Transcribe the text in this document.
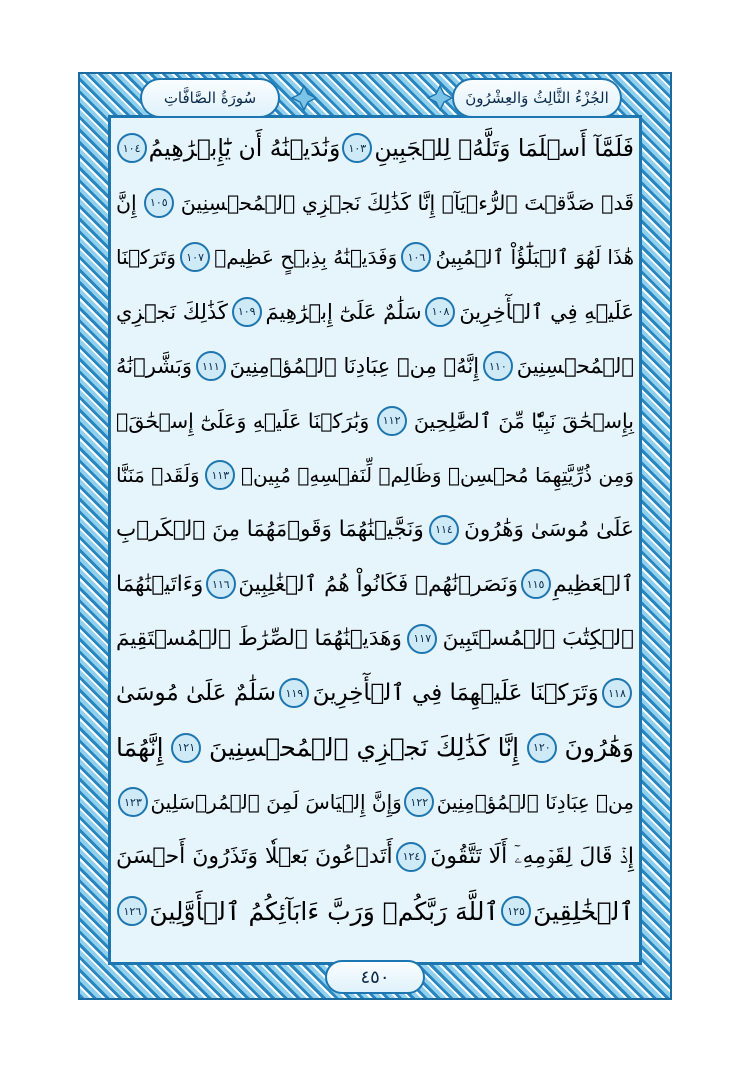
الجُزْءُ الثَّالِثُ وَالعِشْرُونَ
سُورَةُ الصَّافَّاتِ
فَلَمَّآ أَسۡلَمَا وَتَلَّهُۥ لِلۡجَبِينِ
١٠٣
وَنَٰدَيۡنَٰهُ أَن يَٰٓإِبۡرَٰهِيمُ
١٠٤
قَدۡ صَدَّقۡتَ ٱلرُّءۡيَآۚ إِنَّا كَذَٰلِكَ نَجۡزِي ٱلۡمُحۡسِنِينَ
١٠٥
إِنَّ
هَٰذَا لَهُوَ ٱلۡبَلَٰٓؤُاْ ٱلۡمُبِينُ
١٠٦
وَفَدَيۡنَٰهُ بِذِبۡحٍ عَظِيمٖ
١٠٧
وَتَرَكۡنَا
عَلَيۡهِ فِي ٱلۡأٓخِرِينَ
١٠٨
سَلَٰمٌ عَلَىٰٓ إِبۡرَٰهِيمَ
١٠٩
كَذَٰلِكَ نَجۡزِي
ٱلۡمُحۡسِنِينَ
١١٠
إِنَّهُۥ مِنۡ عِبَادِنَا ٱلۡمُؤۡمِنِينَ
١١١
وَبَشَّرۡنَٰهُ
بِإِسۡحَٰقَ نَبِيّٗا مِّنَ ٱلصَّٰلِحِينَ
١١٢
وَبَٰرَكۡنَا عَلَيۡهِ وَعَلَىٰٓ إِسۡحَٰقَۚ
وَمِن ذُرِّيَّتِهِمَا مُحۡسِنٞ وَظَالِمٞ لِّنَفۡسِهِۦ مُبِينٞ
١١٣
وَلَقَدۡ مَنَنَّا
عَلَىٰ مُوسَىٰ وَهَٰرُونَ
١١٤
وَنَجَّيۡنَٰهُمَا وَقَوۡمَهُمَا مِنَ ٱلۡكَرۡبِ
ٱلۡعَظِيمِ
١١٥
وَنَصَرۡنَٰهُمۡ فَكَانُواْ هُمُ ٱلۡغَٰلِبِينَ
١١٦
وَءَاتَيۡنَٰهُمَا
ٱلۡكِتَٰبَ ٱلۡمُسۡتَبِينَ
١١٧
وَهَدَيۡنَٰهُمَا ٱلصِّرَٰطَ ٱلۡمُسۡتَقِيمَ
١١٨
وَتَرَكۡنَا عَلَيۡهِمَا فِي ٱلۡأٓخِرِينَ
١١٩
سَلَٰمٌ عَلَىٰ مُوسَىٰ
وَهَٰرُونَ
١٢٠
إِنَّا كَذَٰلِكَ نَجۡزِي ٱلۡمُحۡسِنِينَ
١٢١
إِنَّهُمَا
مِنۡ عِبَادِنَا ٱلۡمُؤۡمِنِينَ
١٢٢
وَإِنَّ إِلۡيَاسَ لَمِنَ ٱلۡمُرۡسَلِينَ
١٢٣
إِذۡ قَالَ لِقَوۡمِهِۦٓ أَلَا تَتَّقُونَ
١٢٤
أَتَدۡعُونَ بَعۡلٗا وَتَذَرُونَ أَحۡسَنَ
ٱلۡخَٰلِقِينَ
١٢٥
ٱللَّهَ رَبَّكُمۡ وَرَبَّ ءَابَآئِكُمُ ٱلۡأَوَّلِينَ
١٢٦
٤٥٠
